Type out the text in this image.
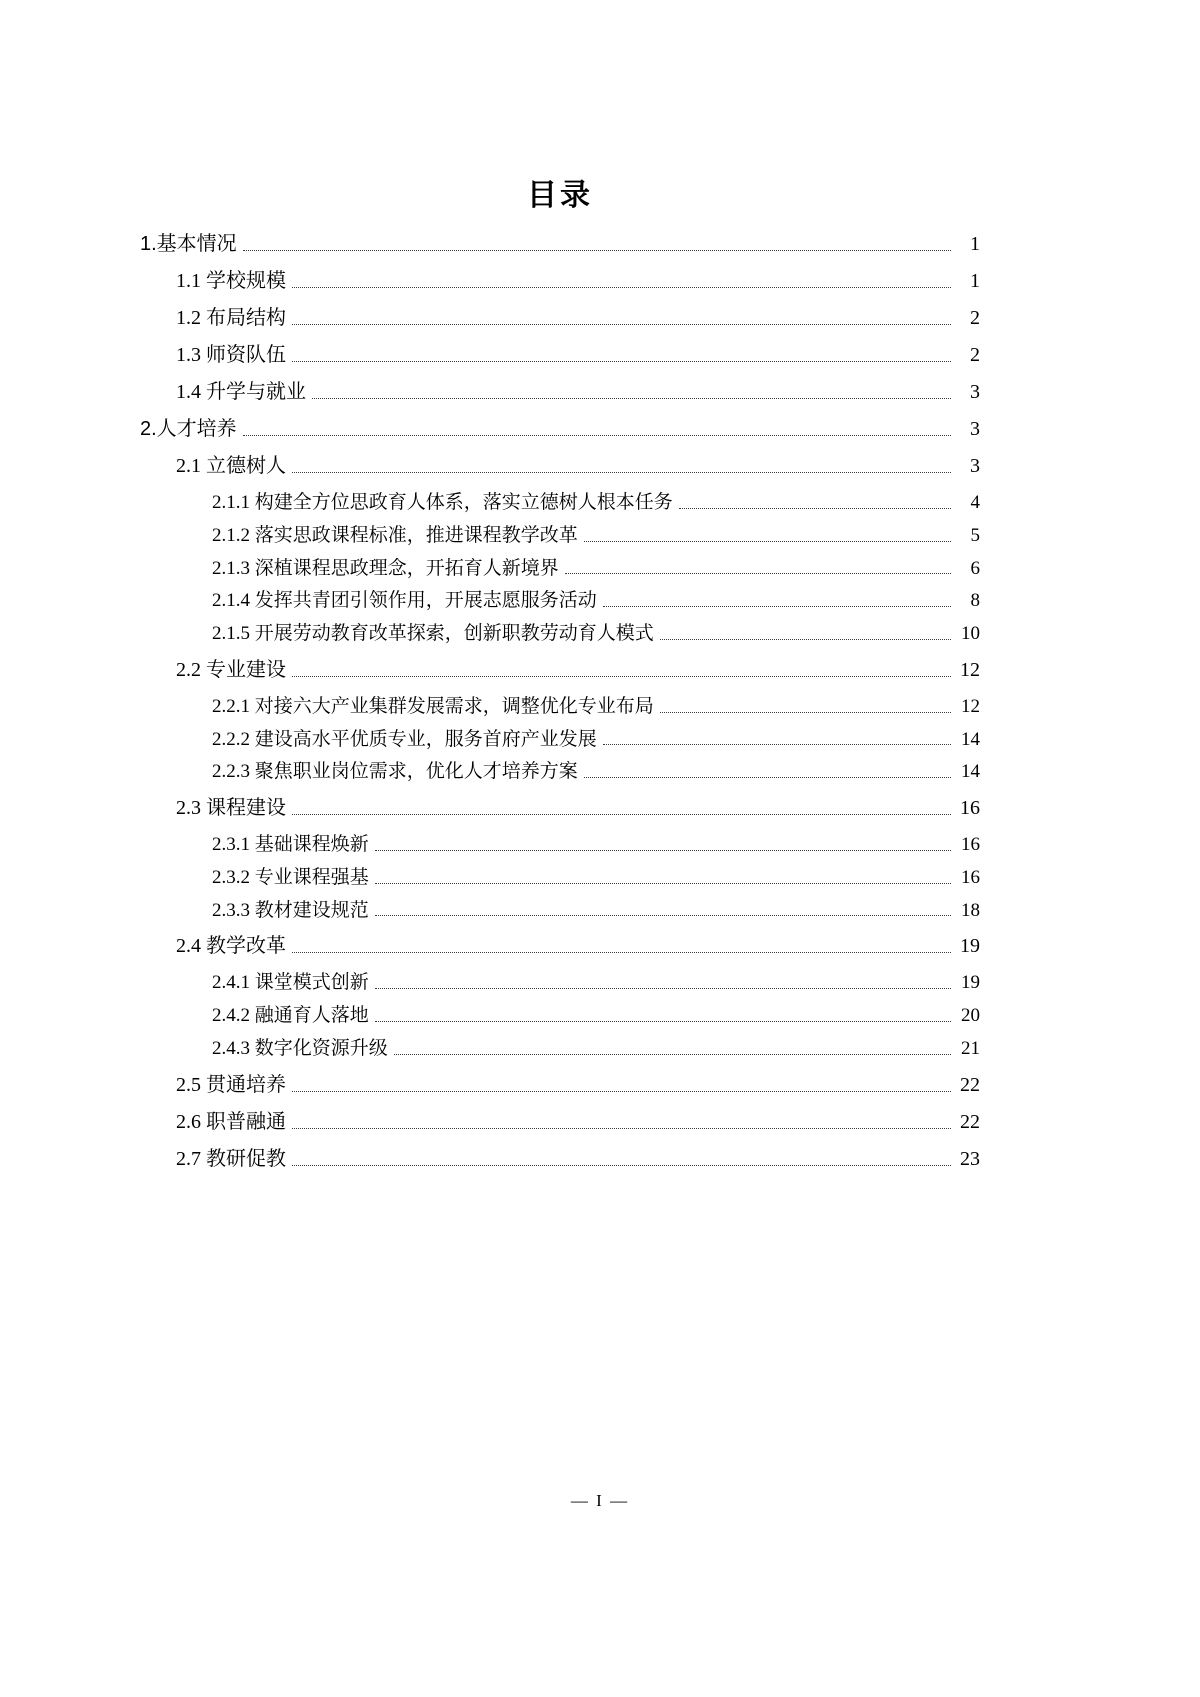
目录
1.基本情况	1
1.1 学校规模	1
1.2 布局结构	2
1.3 师资队伍	2
1.4 升学与就业	3
2.人才培养	3
2.1 立德树人	3
2.1.1 构建全方位思政育人体系，落实立德树人根本任务	4
2.1.2 落实思政课程标准，推进课程教学改革	5
2.1.3 深植课程思政理念，开拓育人新境界	6
2.1.4 发挥共青团引领作用，开展志愿服务活动	8
2.1.5 开展劳动教育改革探索，创新职教劳动育人模式	10
2.2 专业建设	12
2.2.1 对接六大产业集群发展需求，调整优化专业布局	12
2.2.2 建设高水平优质专业，服务首府产业发展	14
2.2.3 聚焦职业岗位需求，优化人才培养方案	14
2.3 课程建设	16
2.3.1 基础课程焕新	16
2.3.2 专业课程强基	16
2.3.3 教材建设规范	18
2.4 教学改革	19
2.4.1 课堂模式创新	19
2.4.2 融通育人落地	20
2.4.3 数字化资源升级	21
2.5 贯通培养	22
2.6 职普融通	22
2.7 教研促教	23
— I —
